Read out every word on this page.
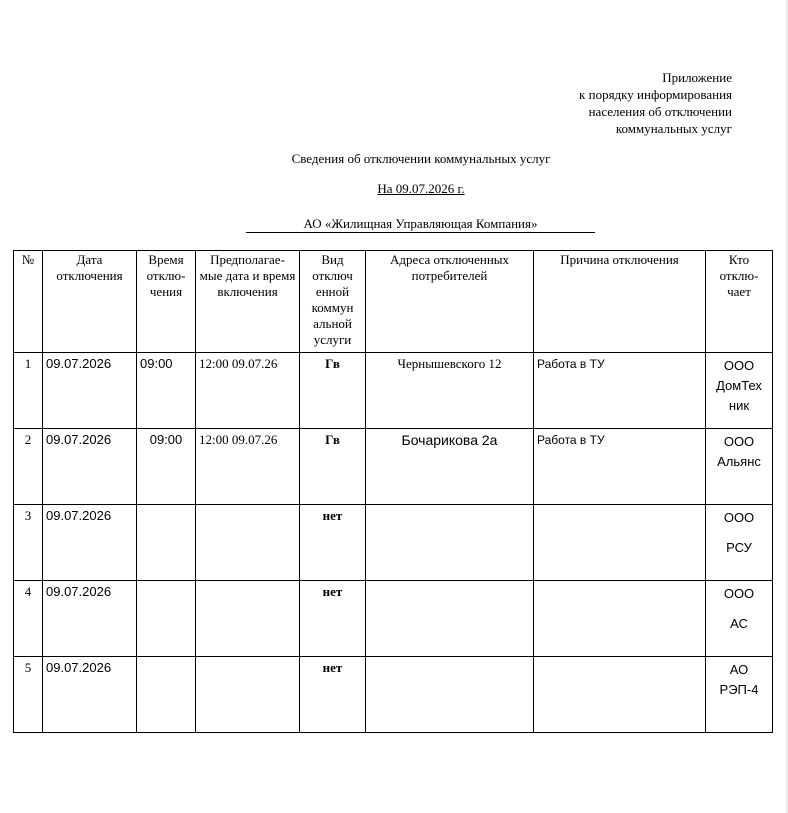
Приложение
к порядку информирования
населения об отключении
коммунальных услуг
Сведения об отключении коммунальных услуг
На 09.07.2026 г.
АО «Жилищная Управляющая Компания»
№	Дата отключения	Время отклю-чения	Предполагае-мые дата и время включения	Вид отключ енной коммун альной услуги	Адреса отключенных потребителей	Причина отключения	Кто отклю-чает
1	09.07.2026	09:00	12:00 09.07.26	Гв	Чернышевского 12	Работа в ТУ	ООО
ДомТех
ник

2	09.07.2026	09:00	12:00 09.07.26	Гв	Бочарикова 2а	Работа в ТУ	ООО
Альянс

3	09.07.2026			нет			ООО
РСУ

4	09.07.2026			нет			ООО
АС

5	09.07.2026			нет			АО
РЭП-4
